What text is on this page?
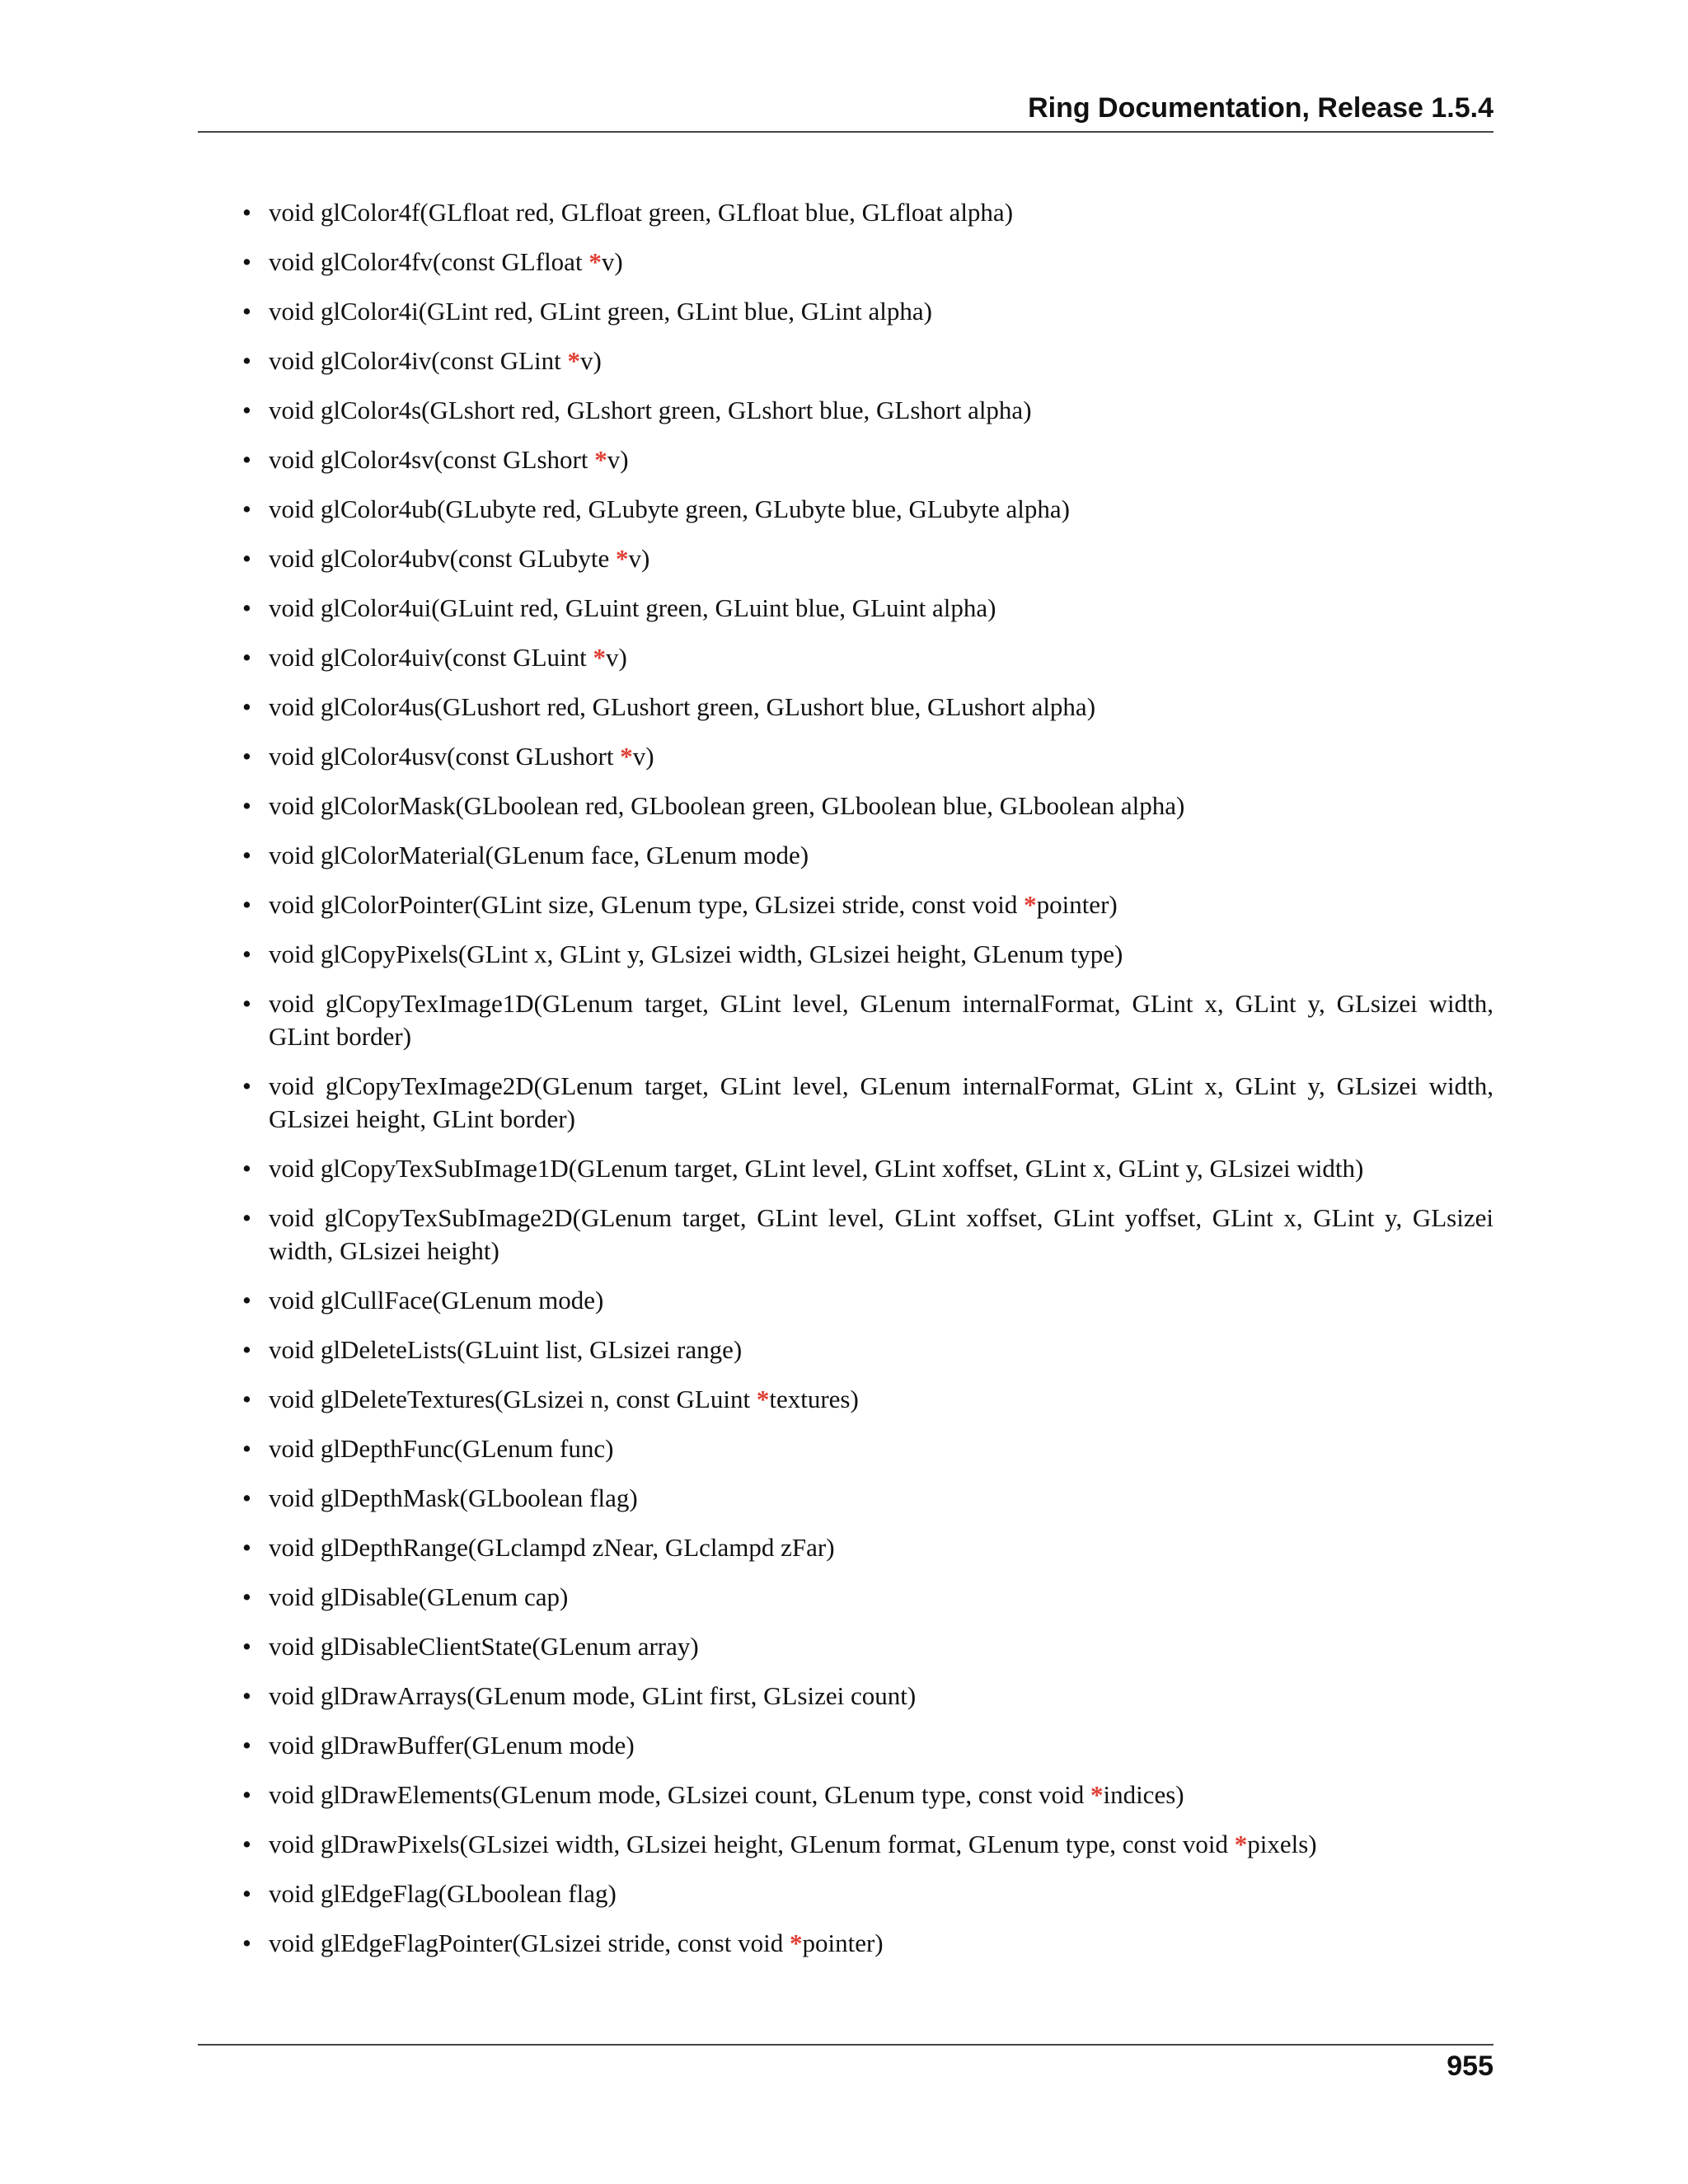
Ring Documentation, Release 1.5.4
• void glColor4f(GLfloat red, GLfloat green, GLfloat blue, GLfloat alpha)
• void glColor4fv(const GLfloat *v)
• void glColor4i(GLint red, GLint green, GLint blue, GLint alpha)
• void glColor4iv(const GLint *v)
• void glColor4s(GLshort red, GLshort green, GLshort blue, GLshort alpha)
• void glColor4sv(const GLshort *v)
• void glColor4ub(GLubyte red, GLubyte green, GLubyte blue, GLubyte alpha)
• void glColor4ubv(const GLubyte *v)
• void glColor4ui(GLuint red, GLuint green, GLuint blue, GLuint alpha)
• void glColor4uiv(const GLuint *v)
• void glColor4us(GLushort red, GLushort green, GLushort blue, GLushort alpha)
• void glColor4usv(const GLushort *v)
• void glColorMask(GLboolean red, GLboolean green, GLboolean blue, GLboolean alpha)
• void glColorMaterial(GLenum face, GLenum mode)
• void glColorPointer(GLint size, GLenum type, GLsizei stride, const void *pointer)
• void glCopyPixels(GLint x, GLint y, GLsizei width, GLsizei height, GLenum type)
• void glCopyTexImage1D(GLenum target, GLint level, GLenum internalFormat, GLint x, GLint y, GLsizei width, GLint border)
• void glCopyTexImage2D(GLenum target, GLint level, GLenum internalFormat, GLint x, GLint y, GLsizei width, GLsizei height, GLint border)
• void glCopyTexSubImage1D(GLenum target, GLint level, GLint xoffset, GLint x, GLint y, GLsizei width)
• void glCopyTexSubImage2D(GLenum target, GLint level, GLint xoffset, GLint yoffset, GLint x, GLint y, GLsizei width, GLsizei height)
• void glCullFace(GLenum mode)
• void glDeleteLists(GLuint list, GLsizei range)
• void glDeleteTextures(GLsizei n, const GLuint *textures)
• void glDepthFunc(GLenum func)
• void glDepthMask(GLboolean flag)
• void glDepthRange(GLclampd zNear, GLclampd zFar)
• void glDisable(GLenum cap)
• void glDisableClientState(GLenum array)
• void glDrawArrays(GLenum mode, GLint first, GLsizei count)
• void glDrawBuffer(GLenum mode)
• void glDrawElements(GLenum mode, GLsizei count, GLenum type, const void *indices)
• void glDrawPixels(GLsizei width, GLsizei height, GLenum format, GLenum type, const void *pixels)
• void glEdgeFlag(GLboolean flag)
• void glEdgeFlagPointer(GLsizei stride, const void *pointer)
955
